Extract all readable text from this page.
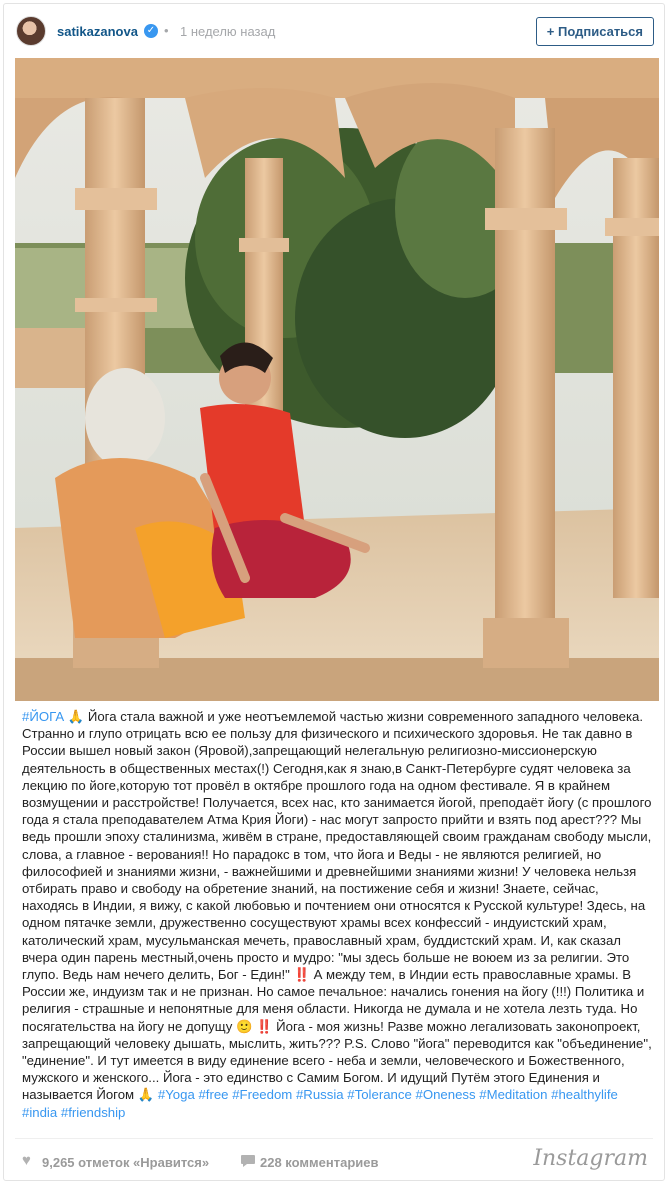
satikazanova ✓ • 1 неделю назад	+ Подписаться
#ЙОГА 🙏 Йога стала важной и уже неотъемлемой частью жизни современного западного человека. Странно и глупо отрицать всю ее пользу для физического и психического здоровья. Не так давно в России вышел новый закон (Яровой),запрещающий нелегальную религиозно-миссионерскую деятельность в общественных местах(!) Сегодня,как я знаю,в Санкт-Петербурге судят человека за лекцию по йоге,которую тот провёл в октябре прошлого года на одном фестивале. Я в крайнем возмущении и расстройстве! Получается, всех нас, кто занимается йогой, преподаёт йогу (с прошлого года я стала преподавателем Атма Крия Йоги) - нас могут запросто прийти и взять под арест??? Мы ведь прошли эпоху сталинизма, живём в стране, предоставляющей своим гражданам свободу мысли, слова, а главное - верования!! Но парадокс в том, что йога и Веды - не являются религией, но философией и знаниями жизни, - важнейшими и древнейшими знаниями жизни! У человека нельзя отбирать право и свободу на обретение знаний, на постижение себя и жизни! Знаете, сейчас, находясь в Индии, я вижу, с какой любовью и почтением они относятся к Русской культуре! Здесь, на одном пятачке земли, дружественно сосуществуют храмы всех конфессий - индуистский храм, католический храм, мусульманская мечеть, православный храм, буддистский храм. И, как сказал вчера один парень местный,очень просто и мудро: "мы здесь больше не воюем из за религии. Это глупо. Ведь нам нечего делить, Бог - Един!" ‼️ А между тем, в Индии есть православные храмы. В России же, индуизм так и не признан. Но самое печальное: начались гонения на йогу (!!!) Политика и религия - страшные и непонятные для меня области. Никогда не думала и не хотела лезть туда. Но посягательства на йогу не допущу 🙂 ‼️ Йога - моя жизнь! Разве можно легализовать законопроект, запрещающий человеку дышать, мыслить, жить??? P.S. Слово "йога" переводится как "объединение", "единение". И тут имеется в виду единение всего - неба и земли, человеческого и Божественного, мужского и женского... Йога - это единство с Самим Богом. И идущий Путём этого Единения и называется Йогом 🙏 #Yoga #free #Freedom #Russia #Tolerance #Oneness #Meditation #healthylife #india #friendship
♥ 9,265 отметок «Нравится»	228 комментариев	Instagram
